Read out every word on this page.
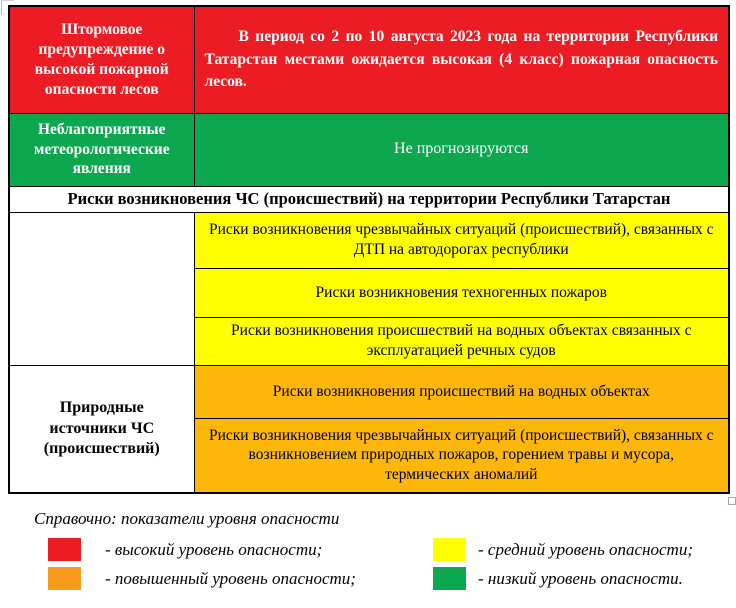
Штормовое предупреждение о высокой пожарной опасности лесов	В период со 2 по 10 августа 2023 года на территории Республики Татарстан местами ожидается высокая (4 класс) пожарная опасность лесов.
Неблагоприятные метеорологические явления	Не прогнозируются
Риски возникновения ЧС (происшествий) на территории Республики Татарстан	
	Риски возникновения чрезвычайных ситуаций (происшествий), связанных с ДТП на автодорогах республики
	Риски возникновения техногенных пожаров
	Риски возникновения происшествий на водных объектах связанных с эксплуатацией речных судов
Природные источники ЧС (происшествий)	Риски возникновения происшествий на водных объектах
	Риски возникновения чрезвычайных ситуаций (происшествий), связанных с возникновением природных пожаров, горением травы и мусора, термических аномалий
Справочно: показатели уровня опасности
- высокий уровень опасности;
- повышенный уровень опасности;
- средний уровень опасности;
- низкий уровень опасности.
